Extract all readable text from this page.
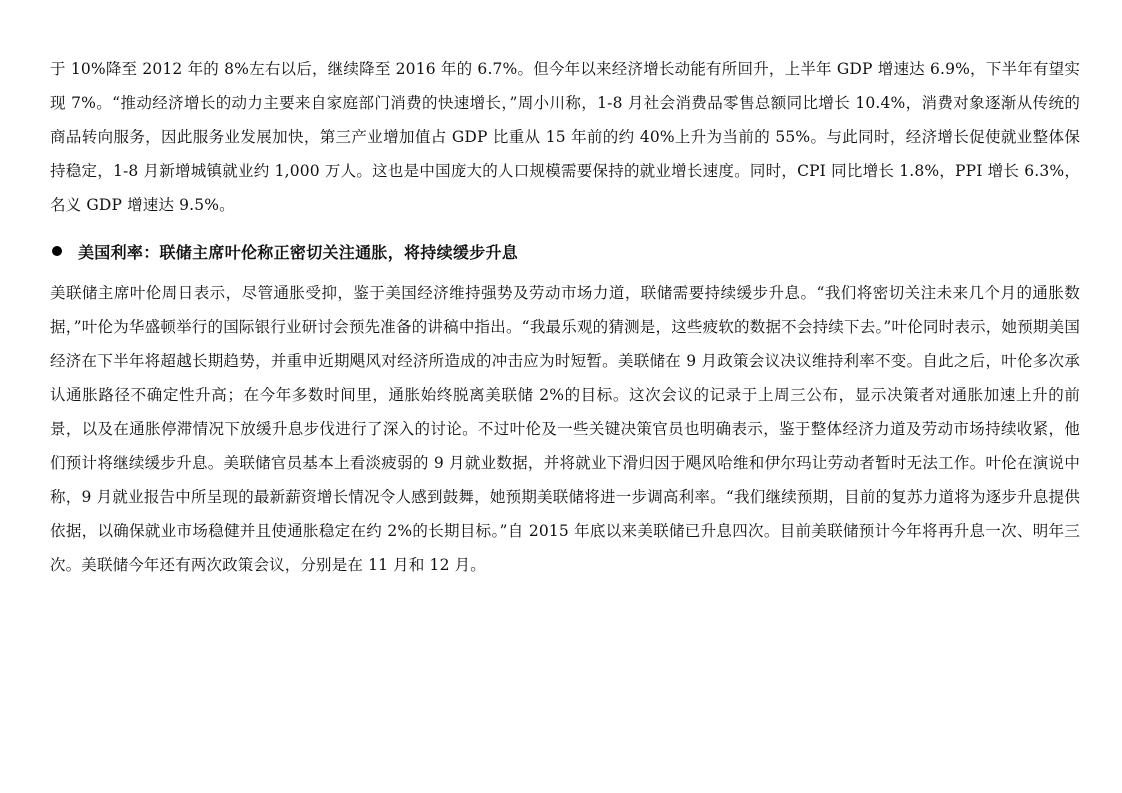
于 10%降至 2012 年的 8%左右以后，继续降至 2016 年的 6.7%。但今年以来经济增长动能有所回升，上半年 GDP 增速达 6.9%，下半年有望实现 7%。“推动经济增长的动力主要来自家庭部门消费的快速增长，”周小川称，1-8 月社会消费品零售总额同比增长 10.4%，消费对象逐渐从传统的商品转向服务，因此服务业发展加快，第三产业增加值占 GDP 比重从 15 年前的约 40%上升为当前的 55%。与此同时，经济增长促使就业整体保持稳定，1-8 月新增城镇就业约 1,000 万人。这也是中国庞大的人口规模需要保持的就业增长速度。同时，CPI 同比增长 1.8%，PPI 增长 6.3%，名义 GDP 增速达 9.5%。

美国利率：联储主席叶伦称正密切关注通胀，将持续缓步升息

美联储主席叶伦周日表示，尽管通胀受抑，鉴于美国经济维持强势及劳动市场力道，联储需要持续缓步升息。“我们将密切关注未来几个月的通胀数据，”叶伦为华盛顿举行的国际银行业研讨会预先准备的讲稿中指出。“我最乐观的猜测是，这些疲软的数据不会持续下去。”叶伦同时表示，她预期美国经济在下半年将超越长期趋势，并重申近期飓风对经济所造成的冲击应为时短暂。美联储在 9 月政策会议决议维持利率不变。自此之后，叶伦多次承认通胀路径不确定性升高；在今年多数时间里，通胀始终脱离美联储 2%的目标。这次会议的记录于上周三公布，显示决策者对通胀加速上升的前景，以及在通胀停滞情况下放缓升息步伐进行了深入的讨论。不过叶伦及一些关键决策官员也明确表示，鉴于整体经济力道及劳动市场持续收紧，他们预计将继续缓步升息。美联储官员基本上看淡疲弱的 9 月就业数据，并将就业下滑归因于飓风哈维和伊尔玛让劳动者暂时无法工作。叶伦在演说中称，9 月就业报告中所呈现的最新薪资增长情况令人感到鼓舞，她预期美联储将进一步调高利率。“我们继续预期，目前的复苏力道将为逐步升息提供依据，以确保就业市场稳健并且使通胀稳定在约 2%的长期目标。”自 2015 年底以来美联储已升息四次。目前美联储预计今年将再升息一次、明年三次。美联储今年还有两次政策会议，分别是在 11 月和 12 月。
